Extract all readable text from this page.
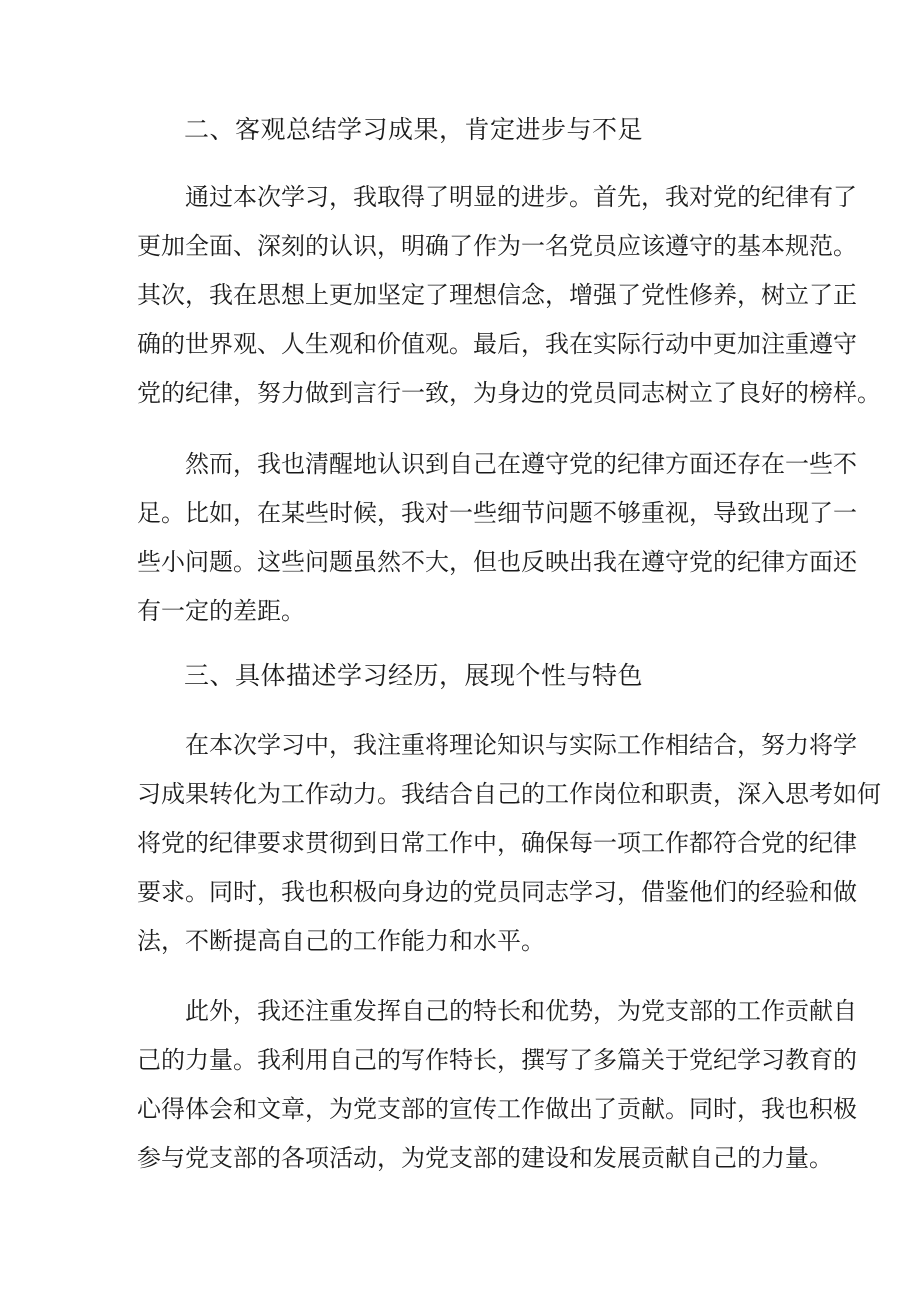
二、客观总结学习成果，肯定进步与不足

通过本次学习，我取得了明显的进步。首先，我对党的纪律有了
更加全面、深刻的认识，明确了作为一名党员应该遵守的基本规范。
其次，我在思想上更加坚定了理想信念，增强了党性修养，树立了正
确的世界观、人生观和价值观。最后，我在实际行动中更加注重遵守
党的纪律，努力做到言行一致，为身边的党员同志树立了良好的榜样。

然而，我也清醒地认识到自己在遵守党的纪律方面还存在一些不
足。比如，在某些时候，我对一些细节问题不够重视，导致出现了一
些小问题。这些问题虽然不大，但也反映出我在遵守党的纪律方面还
有一定的差距。

三、具体描述学习经历，展现个性与特色

在本次学习中，我注重将理论知识与实际工作相结合，努力将学
习成果转化为工作动力。我结合自己的工作岗位和职责，深入思考如何
将党的纪律要求贯彻到日常工作中，确保每一项工作都符合党的纪律
要求。同时，我也积极向身边的党员同志学习，借鉴他们的经验和做
法，不断提高自己的工作能力和水平。

此外，我还注重发挥自己的特长和优势，为党支部的工作贡献自
己的力量。我利用自己的写作特长，撰写了多篇关于党纪学习教育的
心得体会和文章，为党支部的宣传工作做出了贡献。同时，我也积极
参与党支部的各项活动，为党支部的建设和发展贡献自己的力量。
